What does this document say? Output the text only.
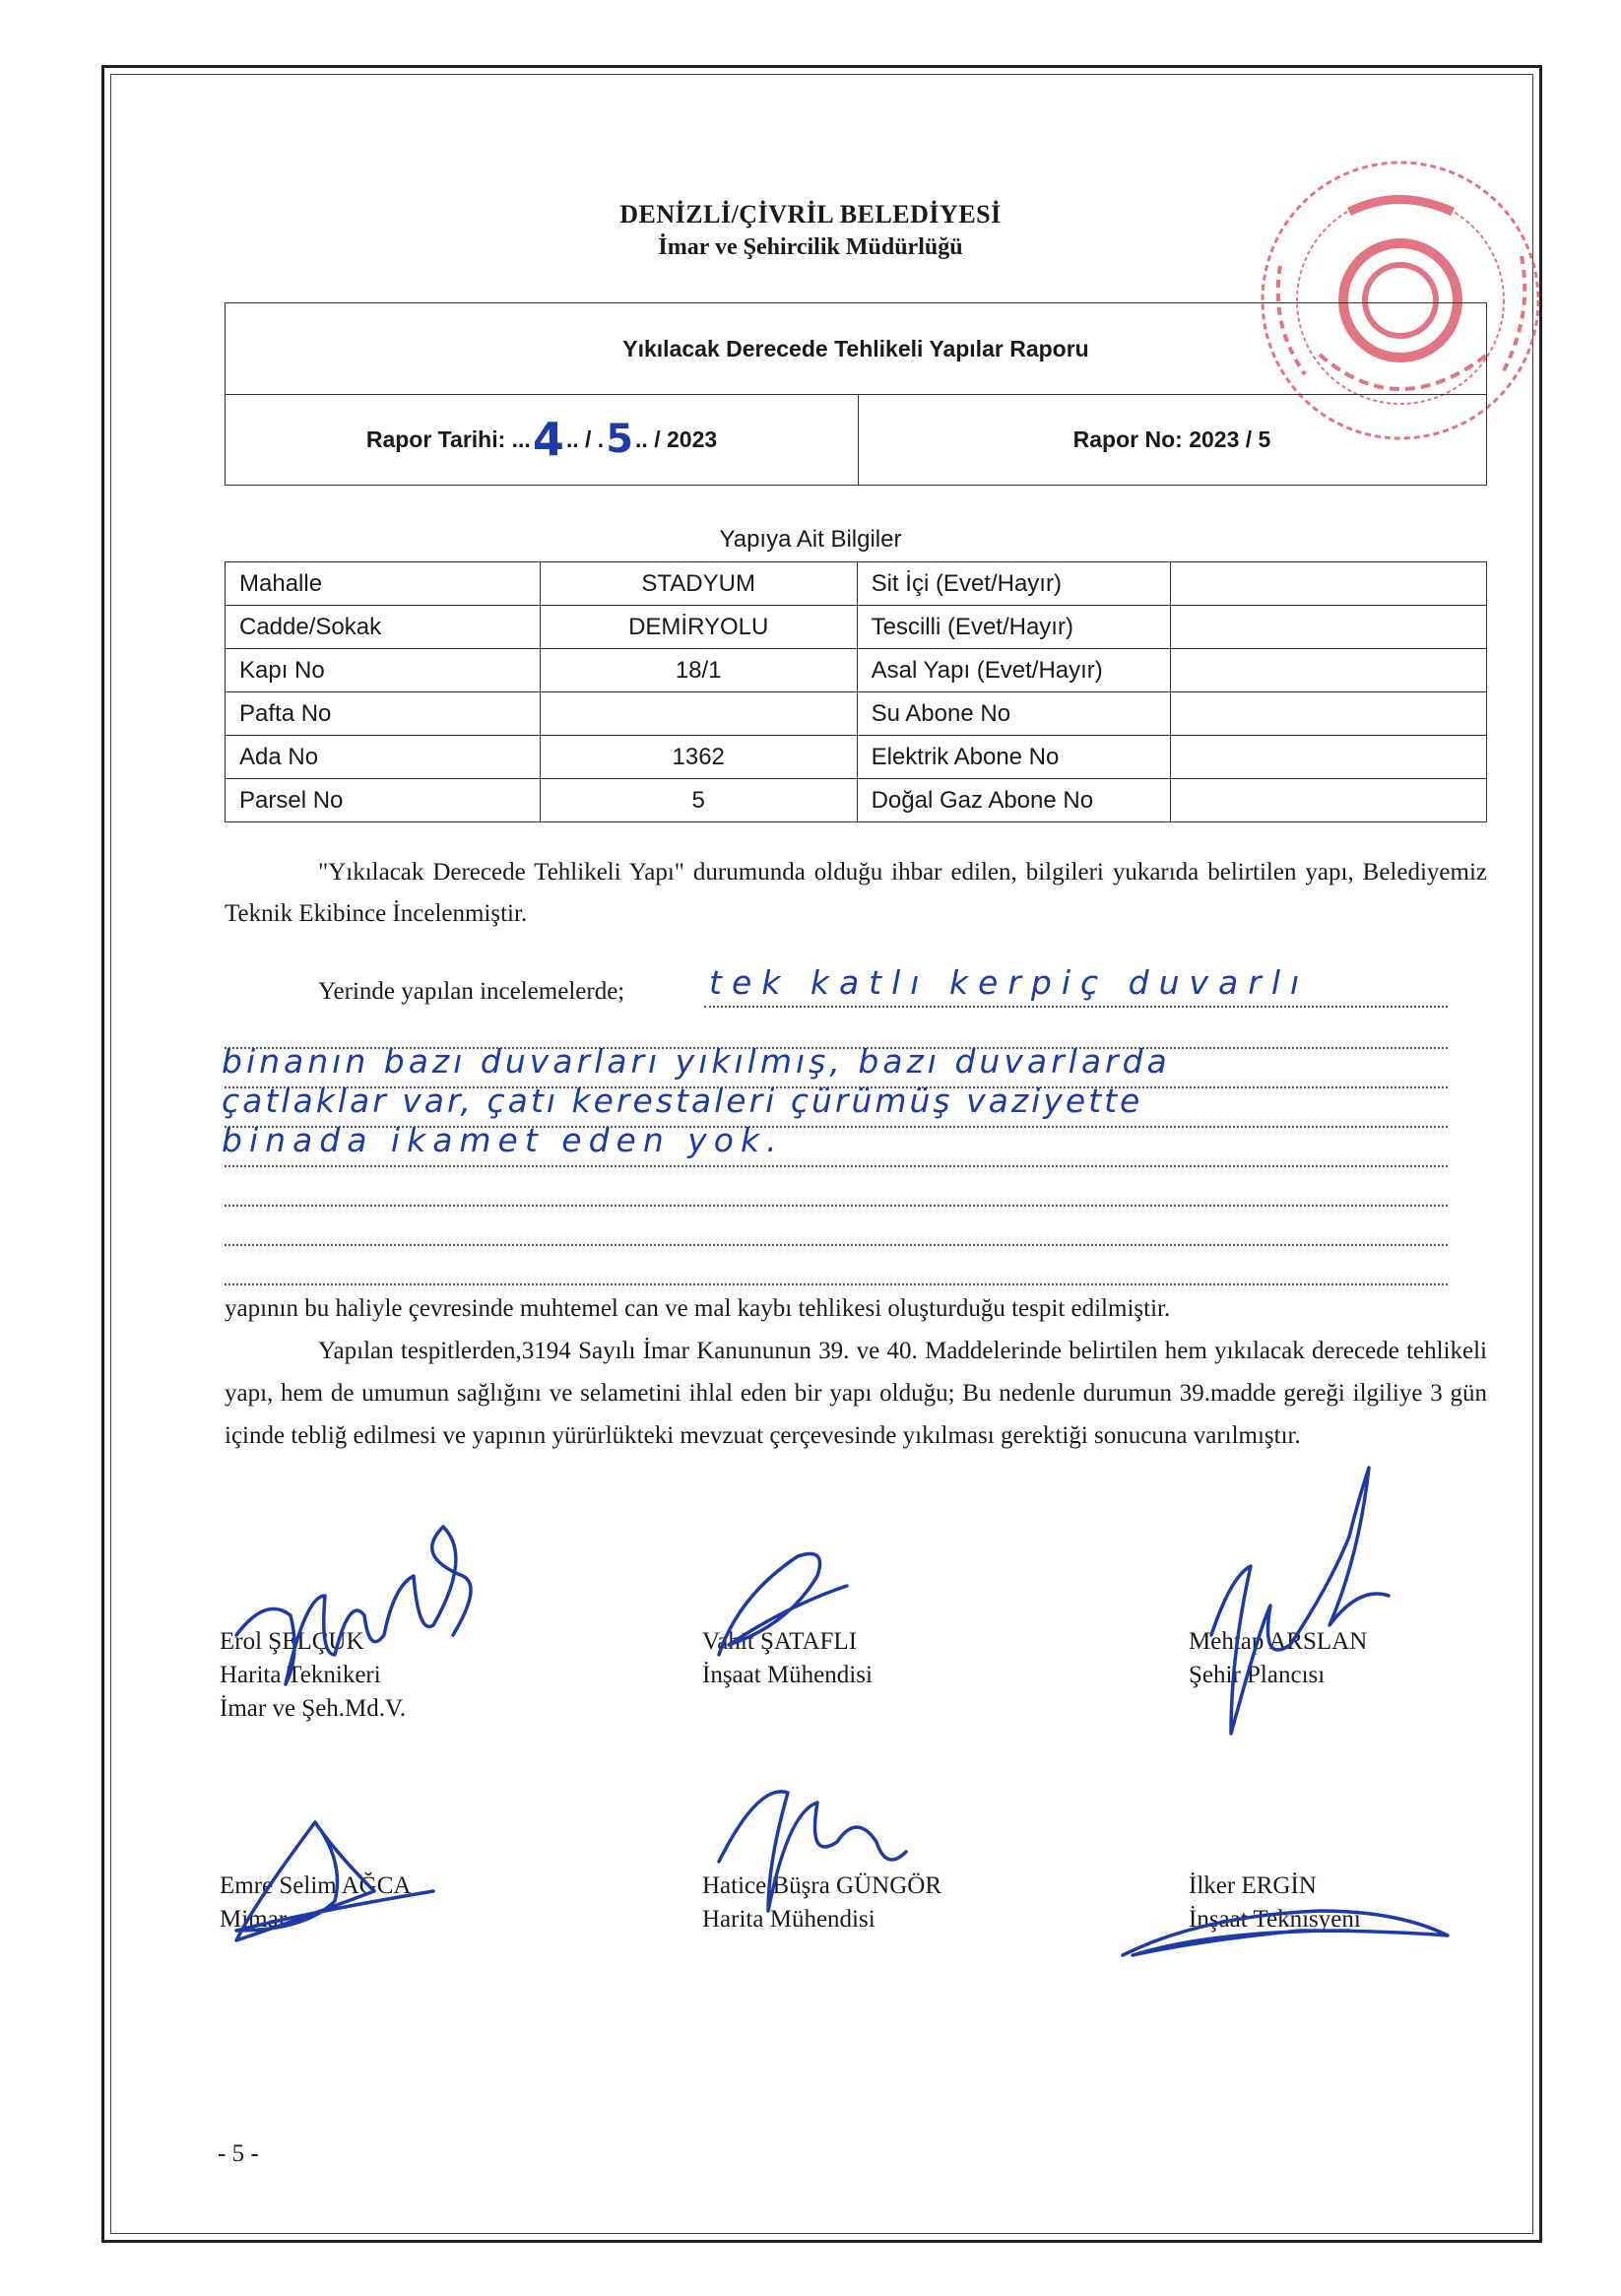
DENİZLİ/ÇİVRİL BELEDİYESİ
İmar ve Şehircilik Müdürlüğü
Yıkılacak Derecede Tehlikeli Yapılar Raporu
Rapor Tarihi: ... 4 .. / . 5 .. / 2023	Rapor No: 2023 / 5
Yapıya Ait Bilgiler
Mahalle	STADYUM	Sit İçi (Evet/Hayır)	
Cadde/Sokak	DEMİRYOLU	Tescilli (Evet/Hayır)	
Kapı No	18/1	Asal Yapı (Evet/Hayır)	
Pafta No		Su Abone No	
Ada No	1362	Elektrik Abone No	
Parsel No	5	Doğal Gaz Abone No	
"Yıkılacak Derecede Tehlikeli Yapı" durumunda olduğu ihbar edilen, bilgileri yukarıda belirtilen yapı, Belediyemiz Teknik Ekibince İncelenmiştir.
Yerinde yapılan incelemelerde;	tek katlı kerpiç duvarlı
binanın bazı duvarları yıkılmış, bazı duvarlarda
çatlaklar var, çatı kerestaleri çürümüş vaziyette
binada ikamet eden yok.
yapının bu haliyle çevresinde muhtemel can ve mal kaybı tehlikesi oluşturduğu tespit edilmiştir.
Yapılan tespitlerden,3194 Sayılı İmar Kanununun 39. ve 40. Maddelerinde belirtilen hem yıkılacak derecede tehlikeli yapı, hem de umumun sağlığını ve selametini ihlal eden bir yapı olduğu; Bu nedenle durumun 39.madde gereği ilgiliye 3 gün içinde tebliğ edilmesi ve yapının yürürlükteki mevzuat çerçevesinde yıkılması gerektiği sonucuna varılmıştır.
Erol ŞELÇUK
Harita Teknikeri
İmar ve Şeh.Md.V.
Vahit ŞATAFLI
İnşaat Mühendisi
Mehtap ARSLAN
Şehir Plancısı
Emre Selim AĞCA
Mimar
Hatice Büşra GÜNGÖR
Harita Mühendisi
İlker ERGİN
İnşaat Teknisyeni
- 5 -
